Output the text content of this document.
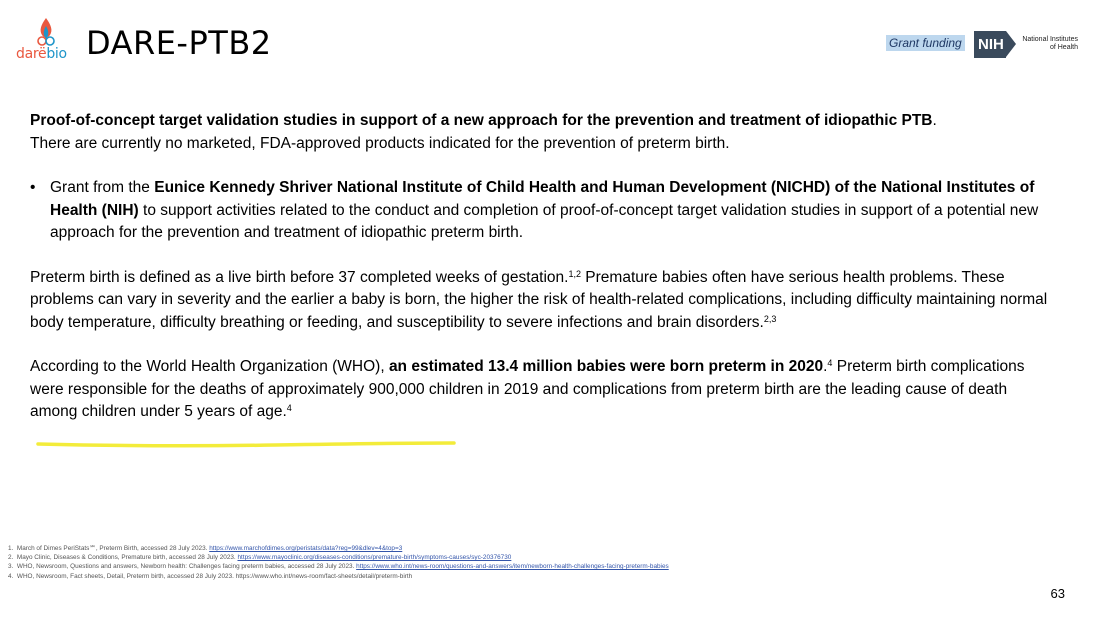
darëbio DARE-PTB2	Grant funding NIH	National Institutes of Health

Proof-of-concept target validation studies in support of a new approach for the prevention and treatment of idiopathic PTB.

There are currently no marketed, FDA-approved products indicated for the prevention of preterm birth.

• Grant from the Eunice Kennedy Shriver National Institute of Child Health and Human Development (NICHD) of the National Institutes of Health (NIH) to support activities related to the conduct and completion of proof-of-concept target validation studies in support of a potential new approach for the prevention and treatment of idiopathic preterm birth.

Preterm birth is defined as a live birth before 37 completed weeks of gestation.$^{1,2}$ Premature babies often have serious health problems. These problems can vary in severity and the earlier a baby is born, the higher the risk of health-related complications, including difficulty maintaining normal body temperature, difficulty breathing or feeding, and susceptibility to severe infections and brain disorders.$^{2,3}$

According to the World Health Organization (WHO), an estimated 13.4 million babies were born preterm in 2020.$^4$ Preterm birth complications were responsible for the deaths of approximately 900,000 children in 2019 and complications from preterm birth are the leading cause of death among children under 5 years of age.$^4$

1. March of Dimes PeriStats℠, Preterm Birth, accessed 28 July 2023. https://www.marchofdimes.org/peristats/data?reg=99&dlev=4&top=3
2. Mayo Clinic, Diseases & Conditions, Premature birth, accessed 28 July 2023. https://www.mayoclinic.org/diseases-conditions/premature-birth/symptoms-causes/syc-20376730
3. WHO, Newsroom, Questions and answers, Newborn health: Challenges facing preterm babies, accessed 28 July 2023. https://www.who.int/news-room/questions-and-answers/item/newborn-health-challenges-facing-preterm-babies
4. WHO, Newsroom, Fact sheets, Detail, Preterm birth, accessed 28 July 2023. https://www.who.int/news-room/fact-sheets/detail/preterm-birth
63
